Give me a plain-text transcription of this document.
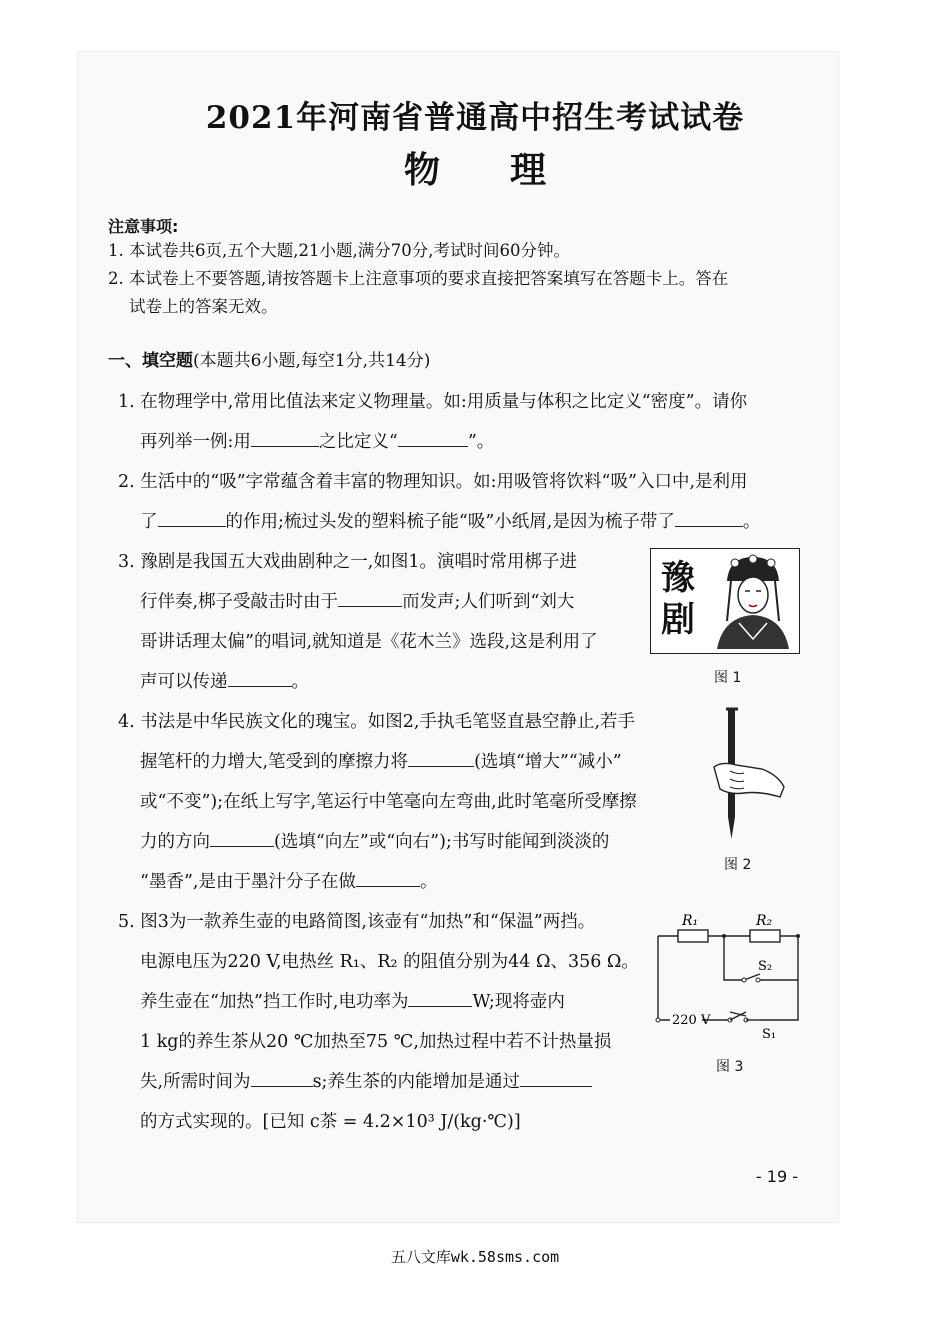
2021年河南省普通高中招生考试试卷
物 理
注意事项:
1. 本试卷共6页,五个大题,21小题,满分70分,考试时间60分钟。
2. 本试卷上不要答题,请按答题卡上注意事项的要求直接把答案填写在答题卡上。答在
试卷上的答案无效。
一、填空题(本题共6小题,每空1分,共14分)
1. 在物理学中,常用比值法来定义物理量。如:用质量与体积之比定义“密度”。请你
再列举一例:用	之比定义“	”。
2. 生活中的“吸”字常蕴含着丰富的物理知识。如:用吸管将饮料“吸”入口中,是利用
了	的作用;梳过头发的塑料梳子能“吸”小纸屑,是因为梳子带了	。
3. 豫剧是我国五大戏曲剧种之一,如图1。演唱时常用梆子进
行伴奏,梆子受敲击时由于	而发声;人们听到“刘大
哥讲话理太偏”的唱词,就知道是《花木兰》选段,这是利用了
声可以传递	。
豫剧
图 1
4. 书法是中华民族文化的瑰宝。如图2,手执毛笔竖直悬空静止,若手
握笔杆的力增大,笔受到的摩擦力将	(选填“增大”“减小”
或“不变”);在纸上写字,笔运行中笔毫向左弯曲,此时笔毫所受摩擦
力的方向	(选填“向左”或“向右”);书写时能闻到淡淡的
“墨香”,是由于墨汁分子在做	。
图 2
5. 图3为一款养生壶的电路简图,该壶有“加热”和“保温”两挡。
电源电压为220 V,电热丝 R₁、R₂ 的阻值分别为44 Ω、356 Ω。
养生壶在“加热”挡工作时,电功率为	W;现将壶内
1 kg的养生茶从20 ℃加热至75 ℃,加热过程中若不计热量损
失,所需时间为	s;养生茶的内能增加是通过
的方式实现的。[已知 c茶 = 4.2×10³ J/(kg·℃)]
R₁	R₂
S₂
S₁
220 V
图 3
- 19 -
五八文库wk.58sms.com
